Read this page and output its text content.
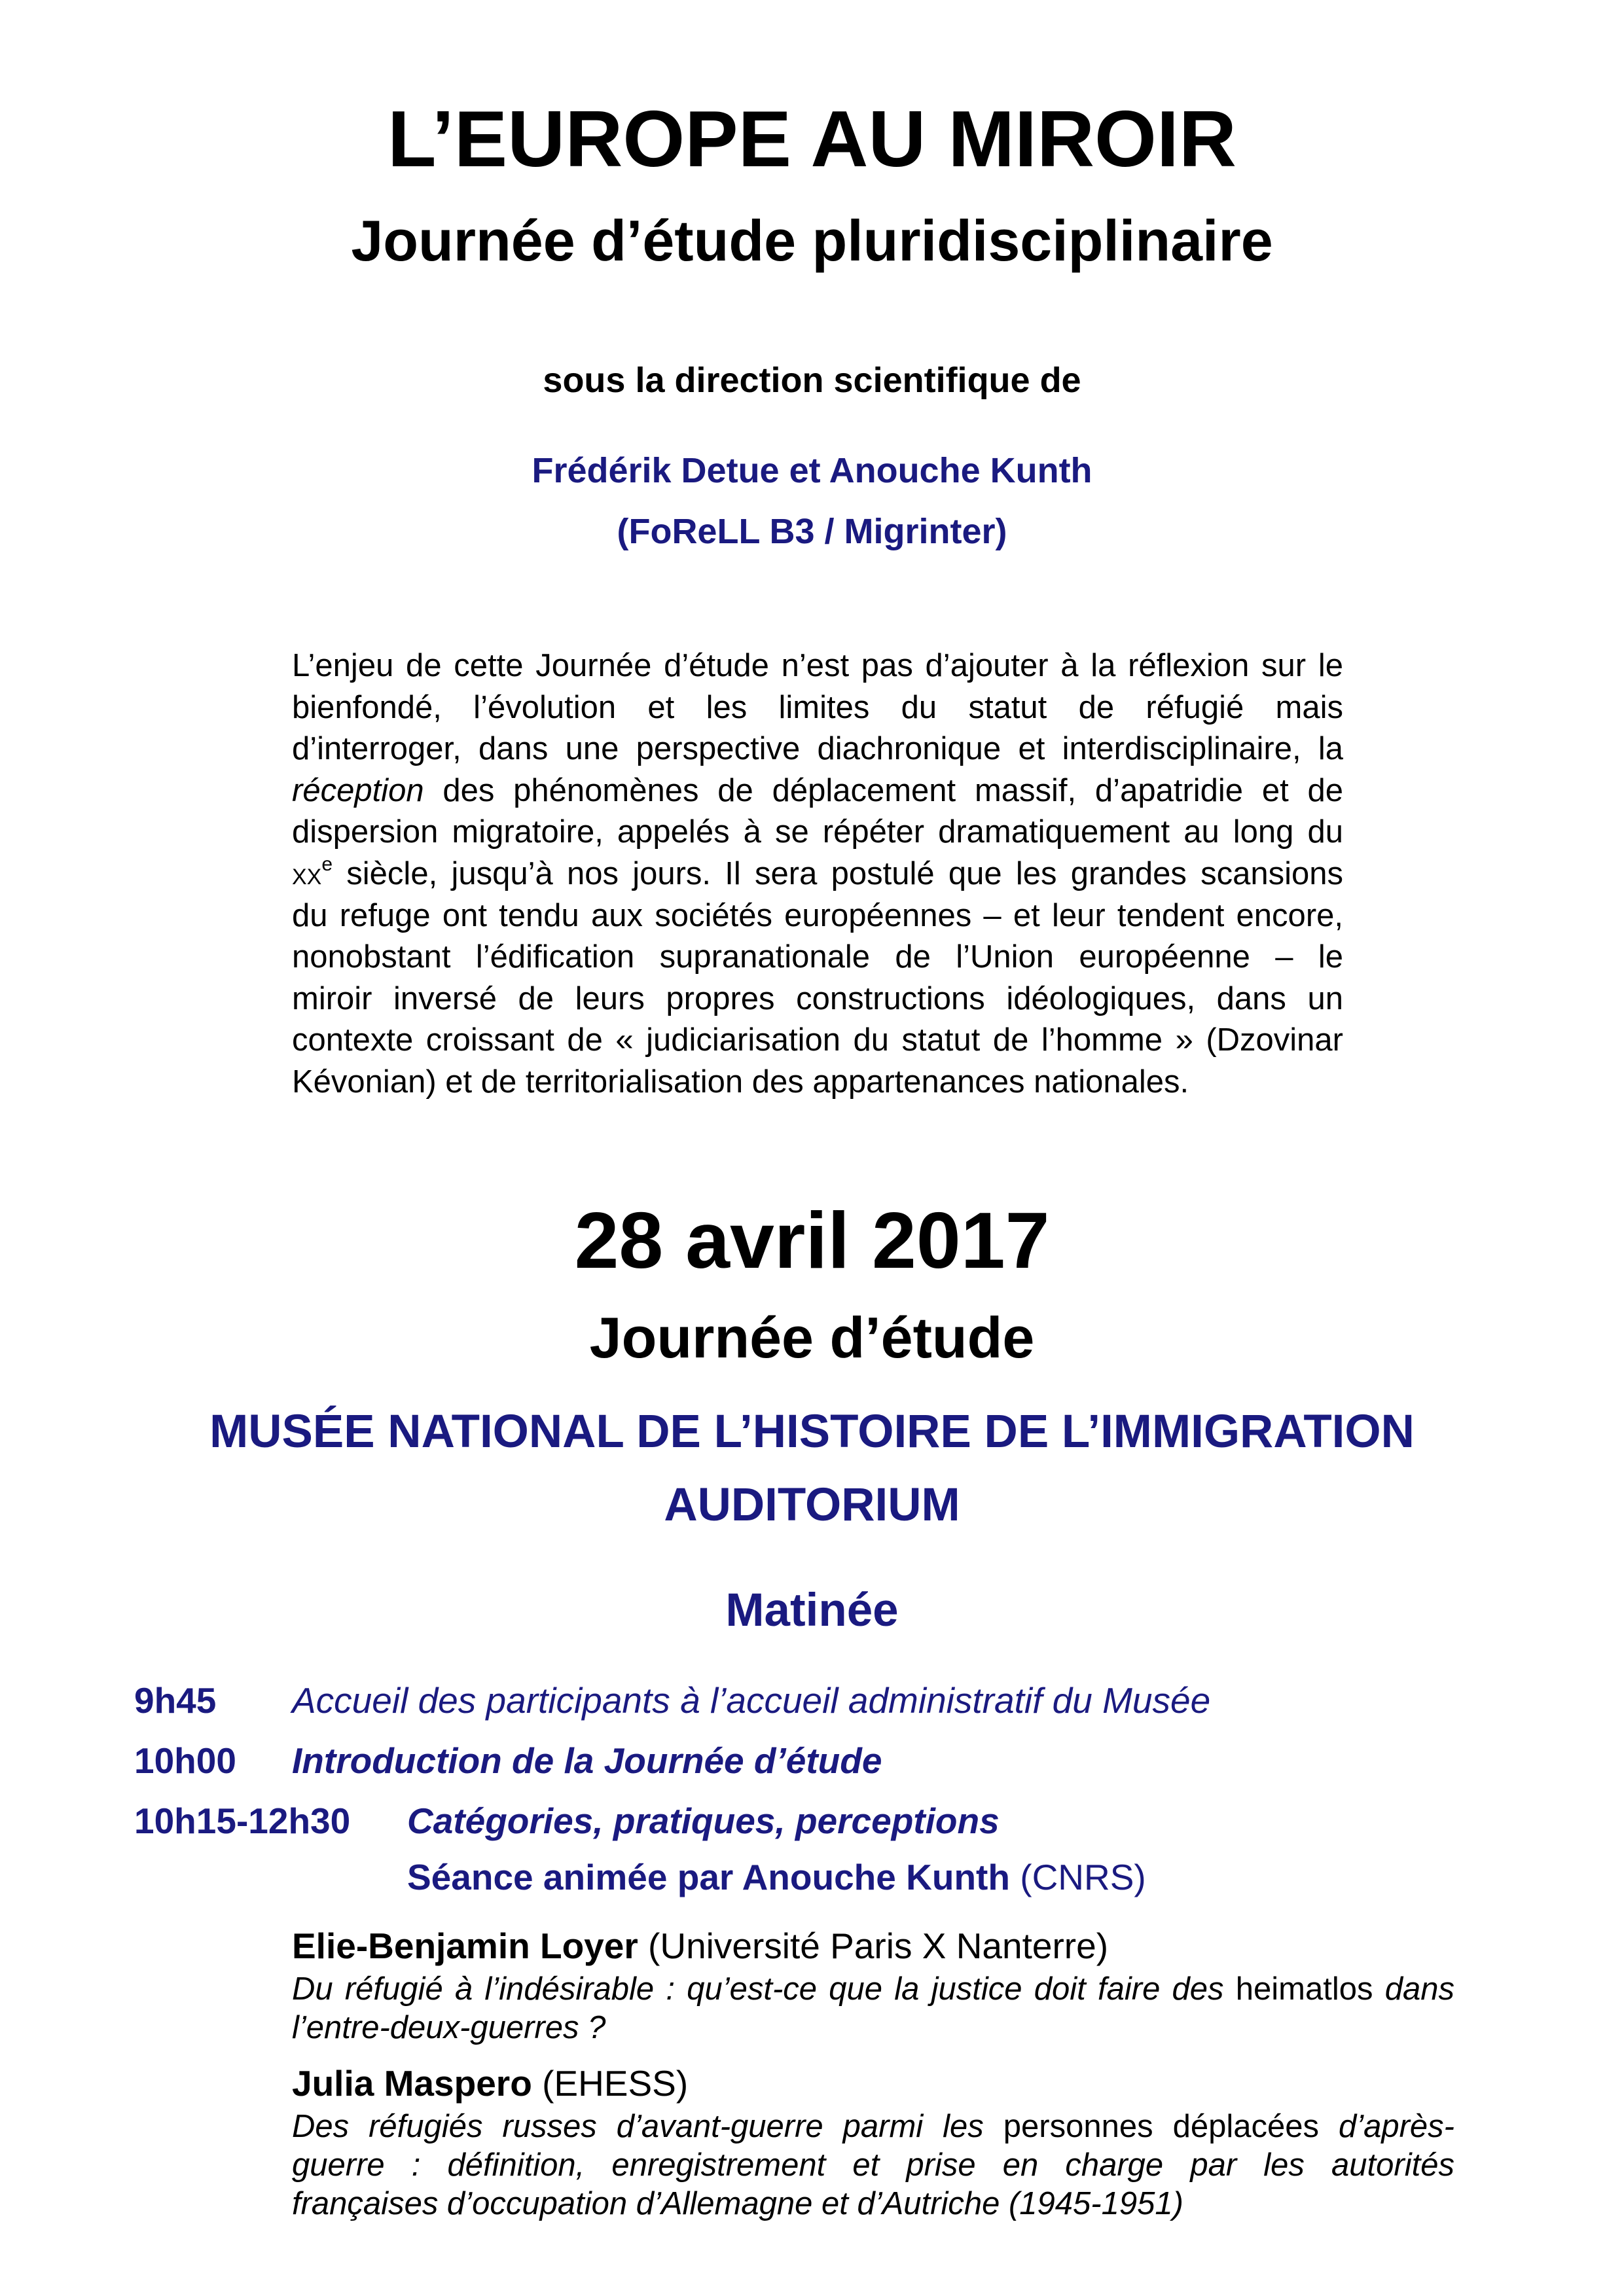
L’EUROPE AU MIROIR
Journée d’étude pluridisciplinaire
sous la direction scientifique de
Frédérik Detue et Anouche Kunth
(FoReLL B3 / Migrinter)
L’enjeu de cette Journée d’étude n’est pas d’ajouter à la réflexion sur le
bienfondé, l’évolution et les limites du statut de réfugié mais
d’interroger, dans une perspective diachronique et interdisciplinaire, la
réception des phénomènes de déplacement massif, d’apatridie et de
dispersion migratoire, appelés à se répéter dramatiquement au long du
$xx^e$ siècle, jusqu’à nos jours. Il sera postulé que les grandes scansions
du refuge ont tendu aux sociétés européennes – et leur tendent encore,
nonobstant l’édification supranationale de l’Union européenne – le
miroir inversé de leurs propres constructions idéologiques, dans un
contexte croissant de « judiciarisation du statut de l’homme » (Dzovinar
Kévonian) et de territorialisation des appartenances nationales.
28 avril 2017
Journée d’étude
MUSÉE NATIONAL DE L’HISTOIRE DE L’IMMIGRATION
AUDITORIUM
Matinée
9h45 Accueil des participants à l’accueil administratif du Musée
10h00 Introduction de la Journée d’étude
10h15-12h30 Catégories, pratiques, perceptions
Séance animée par Anouche Kunth (CNRS)
Elie-Benjamin Loyer (Université Paris X Nanterre)
Du réfugié à l’indésirable : qu’est-ce que la justice doit faire des heimatlos dans
l’entre-deux-guerres ?
Julia Maspero (EHESS)
Des réfugiés russes d’avant-guerre parmi les personnes déplacées d’après-
guerre : définition, enregistrement et prise en charge par les autorités
françaises d’occupation d’Allemagne et d’Autriche (1945-1951)
